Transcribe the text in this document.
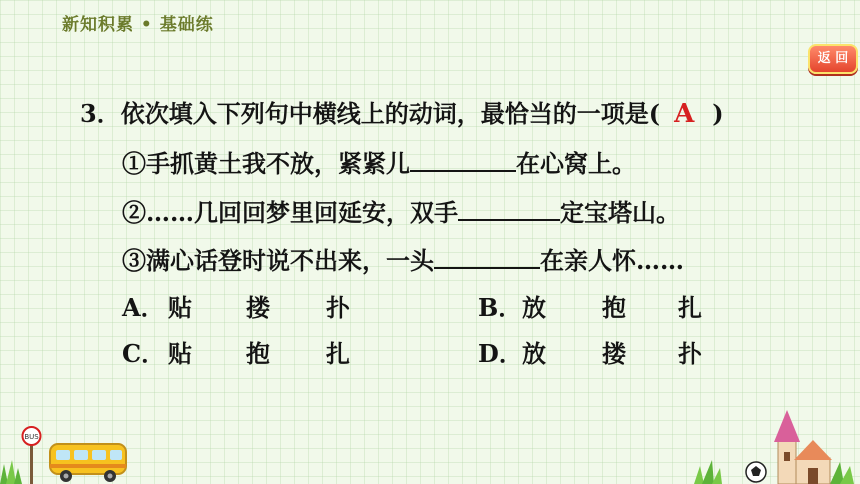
新知积累 • 基础练
返 回
3．依次填入下列句中横线上的动词，最恰当的一项是( A )
①手抓黄土我不放，紧紧儿	在心窝上。
②……几回回梦里回延安，双手	定宝塔山。
③满心话登时说不出来，一头	在亲人怀……
A． 贴 搂 扑	B． 放 抱 扎
C． 贴 抱 扎	D． 放 搂 扑
BUS
